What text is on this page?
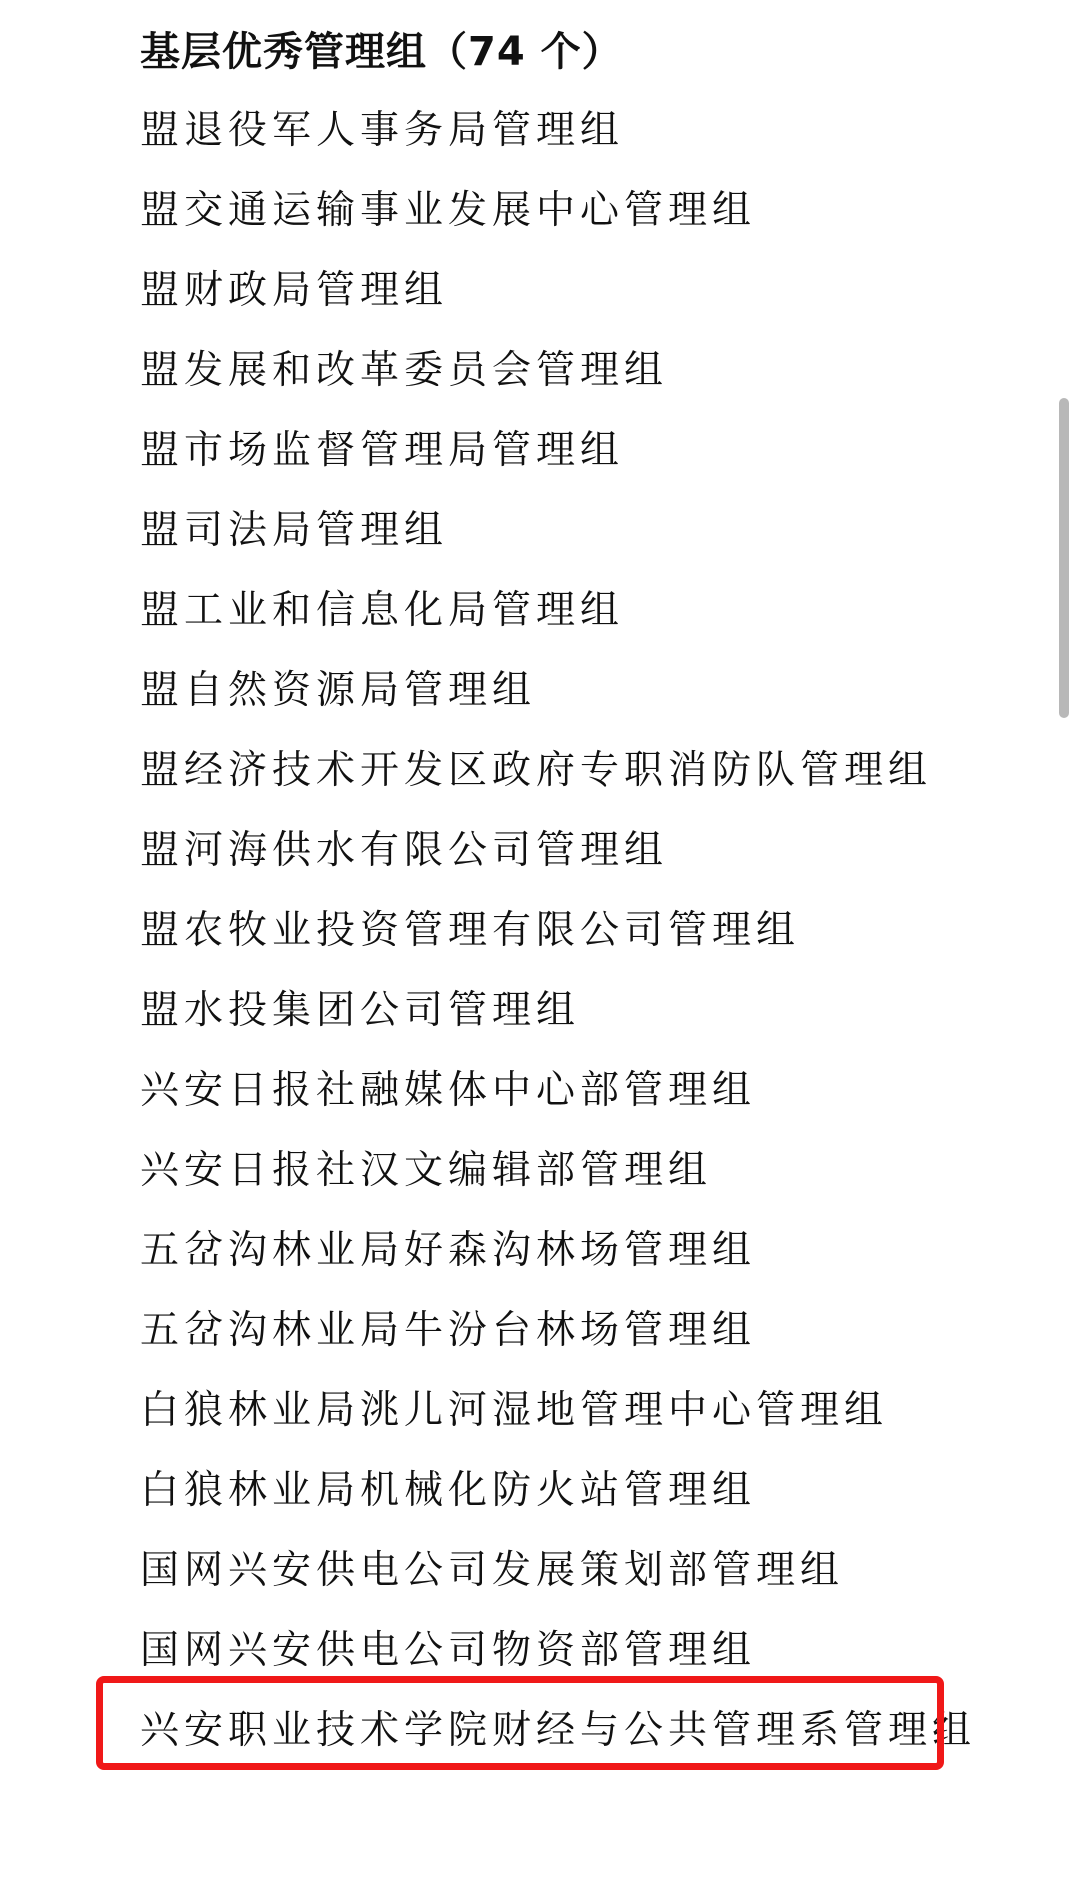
基层优秀管理组（74 个）
盟退役军人事务局管理组
盟交通运输事业发展中心管理组
盟财政局管理组
盟发展和改革委员会管理组
盟市场监督管理局管理组
盟司法局管理组
盟工业和信息化局管理组
盟自然资源局管理组
盟经济技术开发区政府专职消防队管理组
盟河海供水有限公司管理组
盟农牧业投资管理有限公司管理组
盟水投集团公司管理组
兴安日报社融媒体中心部管理组
兴安日报社汉文编辑部管理组
五岔沟林业局好森沟林场管理组
五岔沟林业局牛汾台林场管理组
白狼林业局洮儿河湿地管理中心管理组
白狼林业局机械化防火站管理组
国网兴安供电公司发展策划部管理组
国网兴安供电公司物资部管理组
兴安职业技术学院财经与公共管理系管理组
